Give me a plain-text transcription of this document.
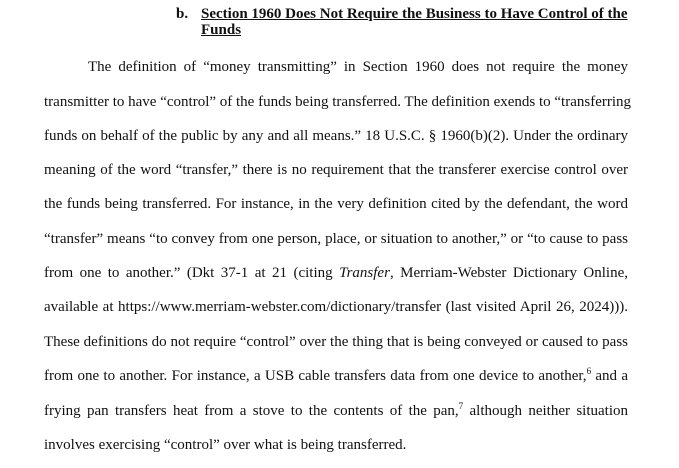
b. Section 1960 Does Not Require the Business to Have Control of the
Funds
The definition of “money transmitting” in Section 1960 does not require the money
transmitter to have “control” of the funds being transferred. The definition exends to “transferring
funds on behalf of the public by any and all means.” 18 U.S.C. § 1960(b)(2). Under the ordinary
meaning of the word “transfer,” there is no requirement that the transferer exercise control over
the funds being transferred. For instance, in the very definition cited by the defendant, the word
“transfer” means “to convey from one person, place, or situation to another,” or “to cause to pass
from one to another.” (Dkt 37-1 at 21 (citing Transfer, Merriam-Webster Dictionary Online,
available at https://www.merriam-webster.com/dictionary/transfer (last visited April 26, 2024))).
These definitions do not require “control” over the thing that is being conveyed or caused to pass
from one to another. For instance, a USB cable transfers data from one device to another,$^6$ and a
frying pan transfers heat from a stove to the contents of the pan,$^7$ although neither situation
involves exercising “control” over what is being transferred.
